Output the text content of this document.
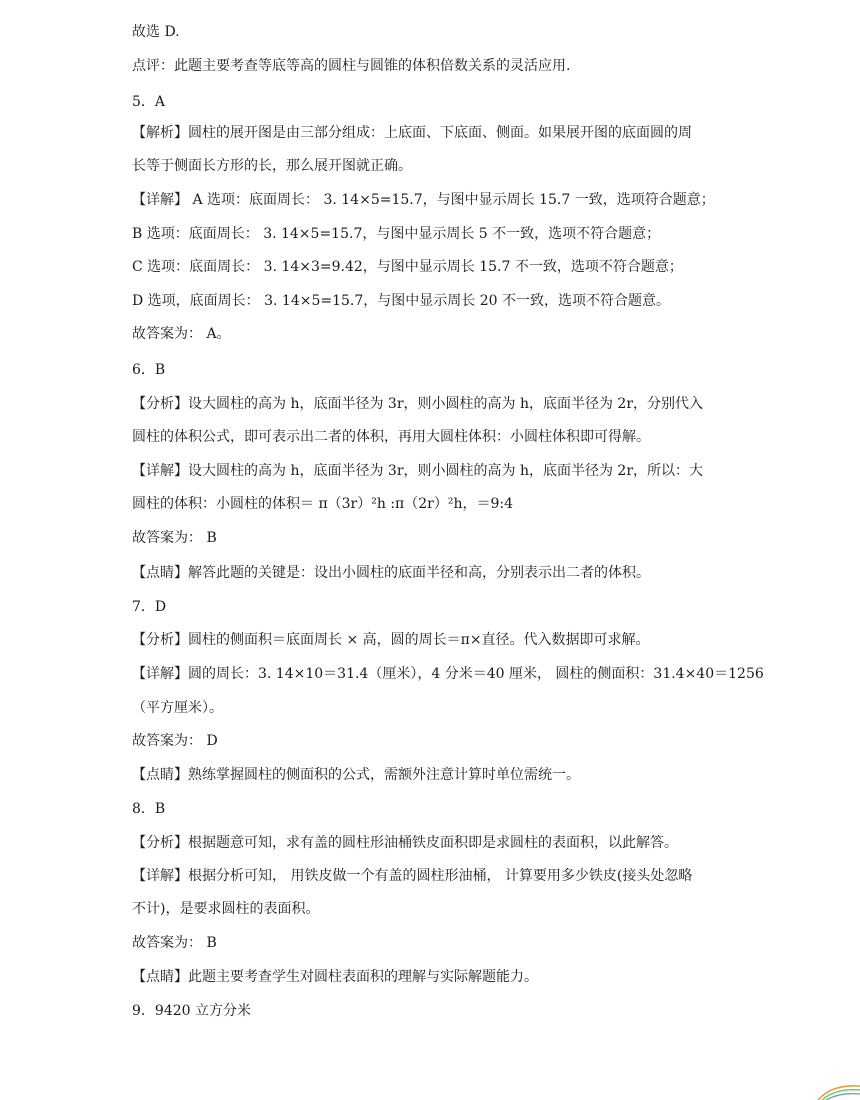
故选 D.
点评：此题主要考查等底等高的圆柱与圆锥的体积倍数关系的灵活应用.
5．A
【解析】圆柱的展开图是由三部分组成：上底面、下底面、侧面。如果展开图的底面圆的周
长等于侧面长方形的长，那么展开图就正确。
【详解】 A 选项：底面周长： 3. 14×5=15.7，与图中显示周长 15.7 一致，选项符合题意；
B 选项：底面周长： 3. 14×5=15.7，与图中显示周长 5 不一致，选项不符合题意；
C 选项：底面周长： 3. 14×3=9.42，与图中显示周长 15.7 不一致，选项不符合题意；
D 选项，底面周长： 3. 14×5=15.7，与图中显示周长 20 不一致，选项不符合题意。
故答案为： A。
6．B
【分析】设大圆柱的高为 h，底面半径为 3r，则小圆柱的高为 h，底面半径为 2r，分别代入
圆柱的体积公式，即可表示出二者的体积，再用大圆柱体积：小圆柱体积即可得解。
【详解】设大圆柱的高为 h，底面半径为 3r，则小圆柱的高为 h，底面半径为 2r，所以：大
圆柱的体积：小圆柱的体积＝ π（3r）²h :π（2r）²h，＝9:4
故答案为： B
【点睛】解答此题的关键是：设出小圆柱的底面半径和高，分别表示出二者的体积。
7．D
【分析】圆柱的侧面积＝底面周长 × 高，圆的周长＝π×直径。代入数据即可求解。
【详解】圆的周长：3. 14×10＝31.4（厘米），4 分米＝40 厘米， 圆柱的侧面积：31.4×40＝1256
（平方厘米）。
故答案为： D
【点睛】熟练掌握圆柱的侧面积的公式，需额外注意计算时单位需统一。
8．B
【分析】根据题意可知，求有盖的圆柱形油桶铁皮面积即是求圆柱的表面积，以此解答。
【详解】根据分析可知， 用铁皮做一个有盖的圆柱形油桶， 计算要用多少铁皮(接头处忽略
不计)，是要求圆柱的表面积。
故答案为： B
【点睛】此题主要考查学生对圆柱表面积的理解与实际解题能力。
9．9420 立方分米
